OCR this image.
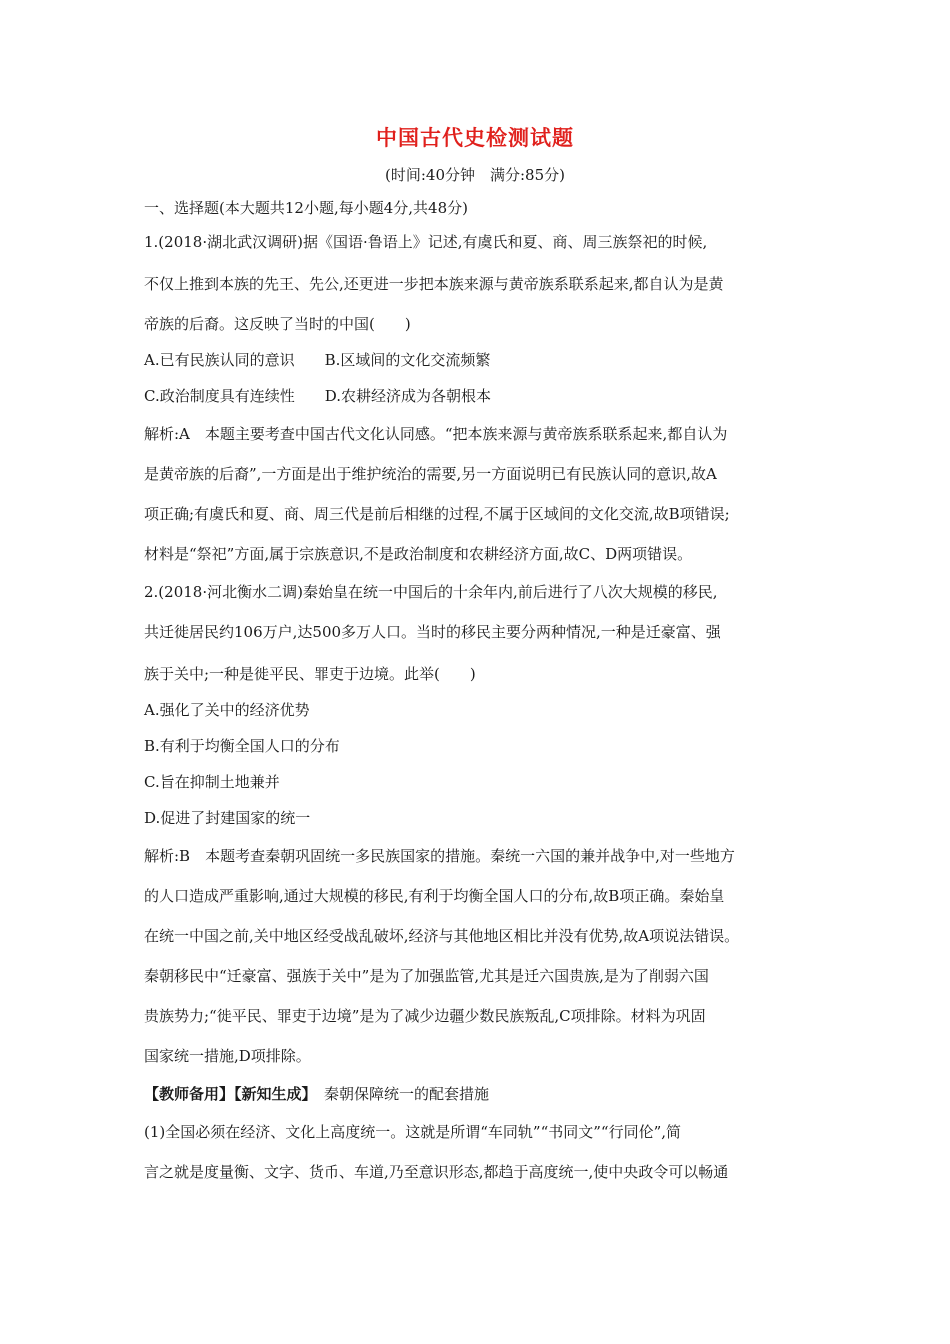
中国古代史检测试题
(时间:40分钟　满分:85分)
一、选择题(本大题共12小题,每小题4分,共48分)
1.(2018·湖北武汉调研)据《国语·鲁语上》记述,有虞氏和夏、商、周三族祭祀的时候,
不仅上推到本族的先王、先公,还更进一步把本族来源与黄帝族系联系起来,都自认为是黄
帝族的后裔。这反映了当时的中国(　　)
A.已有民族认同的意识　　B.区域间的文化交流频繁
C.政治制度具有连续性　　D.农耕经济成为各朝根本
解析:A　本题主要考查中国古代文化认同感。“把本族来源与黄帝族系联系起来,都自认为
是黄帝族的后裔”,一方面是出于维护统治的需要,另一方面说明已有民族认同的意识,故A
项正确;有虞氏和夏、商、周三代是前后相继的过程,不属于区域间的文化交流,故B项错误;
材料是“祭祀”方面,属于宗族意识,不是政治制度和农耕经济方面,故C、D两项错误。
2.(2018·河北衡水二调)秦始皇在统一中国后的十余年内,前后进行了八次大规模的移民,
共迁徙居民约106万户,达500多万人口。当时的移民主要分两种情况,一种是迁豪富、强
族于关中;一种是徙平民、罪吏于边境。此举(　　)
A.强化了关中的经济优势
B.有利于均衡全国人口的分布
C.旨在抑制土地兼并
D.促进了封建国家的统一
解析:B　本题考查秦朝巩固统一多民族国家的措施。秦统一六国的兼并战争中,对一些地方
的人口造成严重影响,通过大规模的移民,有利于均衡全国人口的分布,故B项正确。秦始皇
在统一中国之前,关中地区经受战乱破坏,经济与其他地区相比并没有优势,故A项说法错误。
秦朝移民中“迁豪富、强族于关中”是为了加强监管,尤其是迁六国贵族,是为了削弱六国
贵族势力;“徙平民、罪吏于边境”是为了减少边疆少数民族叛乱,C项排除。材料为巩固
国家统一措施,D项排除。
【教师备用】【新知生成】　 秦朝保障统一的配套措施
(1)全国必须在经济、文化上高度统一。这就是所谓“车同轨”“书同文”“行同伦”,简
言之就是度量衡、文字、货币、车道,乃至意识形态,都趋于高度统一,使中央政令可以畅通
